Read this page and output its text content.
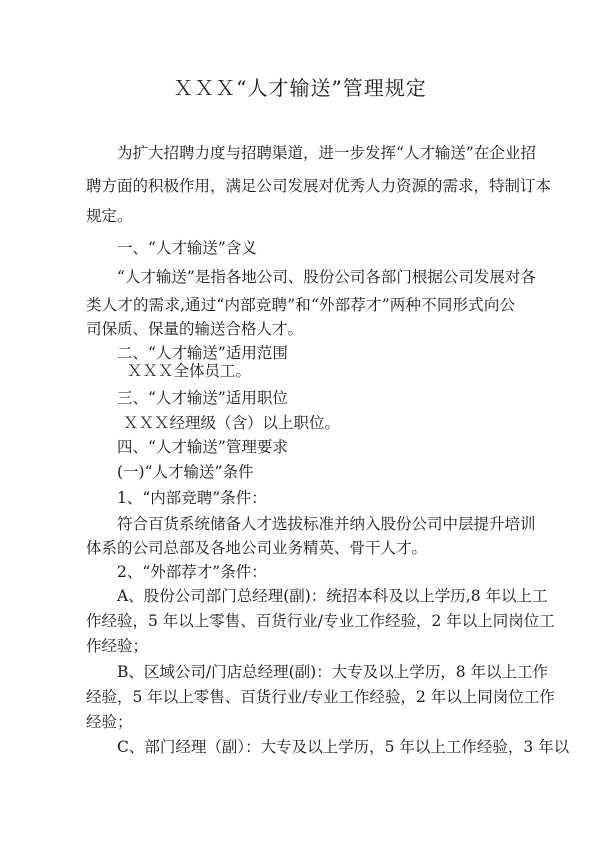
ＸＸＸ“人才输送”管理规定
为扩大招聘力度与招聘渠道，进一步发挥“人才输送”在企业招
聘方面的积极作用，满足公司发展对优秀人力资源的需求，特制订本
规定。
一、“人才输送”含义
“人才输送”是指各地公司、股份公司各部门根据公司发展对各
类人才的需求,通过“内部竞聘”和“外部荐才”两种不同形式向公
司保质、保量的输送合格人才。
二、“人才输送”适用范围
ＸＸＸ全体员工。
三、“人才输送”适用职位
ＸＸＸ经理级（含）以上职位。
四、“人才输送”管理要求
(一)“人才输送”条件
1、“内部竞聘”条件：
符合百货系统储备人才选拔标准并纳入股份公司中层提升培训
体系的公司总部及各地公司业务精英、骨干人才。
2、“外部荐才”条件：
A、股份公司部门总经理(副)：统招本科及以上学历,8 年以上工
作经验，5 年以上零售、百货行业/专业工作经验，2 年以上同岗位工
作经验；
B、区域公司/门店总经理(副)：大专及以上学历，8 年以上工作
经验，5 年以上零售、百货行业/专业工作经验，2 年以上同岗位工作
经验；
C、部门经理（副）：大专及以上学历，5 年以上工作经验，3 年以
